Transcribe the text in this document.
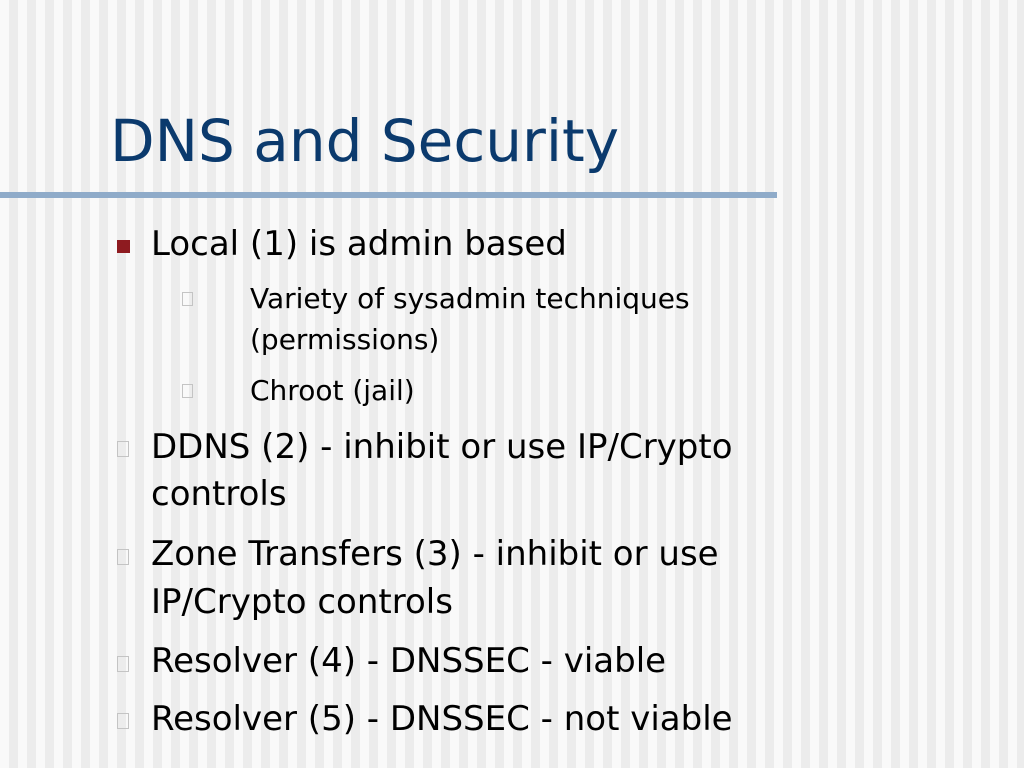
DNS and Security
Local (1) is admin based
Variety of sysadmin techniques
(permissions)
Chroot (jail)
DDNS (2) - inhibit or use IP/Crypto
controls
Zone Transfers (3) - inhibit or use
IP/Crypto controls
Resolver (4) - DNSSEC - viable
Resolver (5) - DNSSEC - not viable
